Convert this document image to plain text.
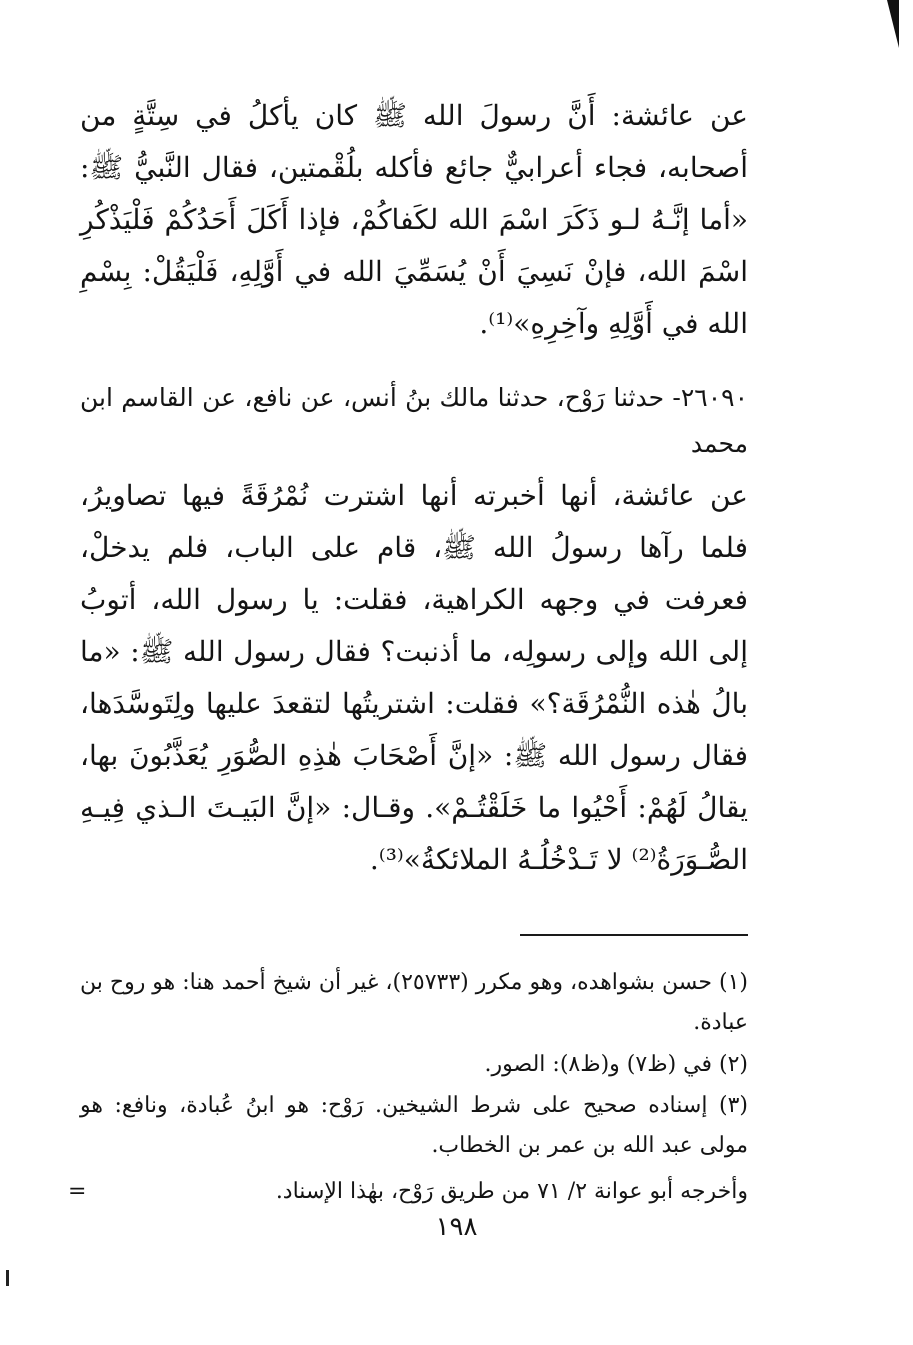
عن عائشة: أَنَّ رسولَ الله ﷺ كان يأكلُ في سِتَّةٍ من أصحابه، فجاء أعرابيٌّ جائع فأكله بلُقْمتين، فقال النَّبيُّ ﷺ: «أما إنَّـهُ لـو ذَكَرَ اسْمَ الله لكَفاكُمْ، فإذا أَكَلَ أَحَدُكُمْ فَلْيَذْكُرِ اسْمَ الله، فإنْ نَسِيَ أَنْ يُسَمِّيَ الله في أَوَّلِهِ، فَلْيَقُلْ: بِسْمِ الله في أَوَّلِهِ وآخِرِهِ»⁽¹⁾.
٢٦٠٩٠- حدثنا رَوْح، حدثنا مالك بنُ أنس، عن نافع، عن القاسم ابن محمد
عن عائشة، أنها أخبرته أنها اشترت نُمْرُقَةً فيها تصاويرُ، فلما رآها رسولُ الله ﷺ، قام على الباب، فلم يدخلْ، فعرفت في وجهه الكراهية، فقلت: يا رسول الله، أتوبُ إلى الله وإلى رسولِه، ما أذنبت؟ فقال رسول الله ﷺ: «ما بالُ هٰذه النُّمْرُقَة؟» فقلت: اشتريتُها لتقعدَ عليها ولِتَوسَّدَها، فقال رسول الله ﷺ: «إنَّ أَصْحَابَ هٰذِهِ الصُّوَرِ يُعَذَّبُونَ بها، يقالُ لَهُمْ: أَحْيُوا ما خَلَقْتُـمْ». وقـال: «إنَّ البَيـتَ الـذي فِيـهِ الصُّـوَرَةُ⁽²⁾ لا تَـدْخُلُـهُ الملائكةُ»⁽³⁾.
(١) حسن بشواهده، وهو مكرر (٢٥٧٣٣)، غير أن شيخ أحمد هنا: هو روح بن عبادة.
(٢) في (ظ٧) و(ظ٨): الصور.
(٣) إسناده صحيح على شرط الشيخين. رَوْح: هو ابنُ عُبادة، ونافع: هو مولى عبد الله بن عمر بن الخطاب.
وأخرجه أبو عوانة ٢/ ٧١ من طريق رَوْح، بهٰذا الإسناد.
=
١٩٨
